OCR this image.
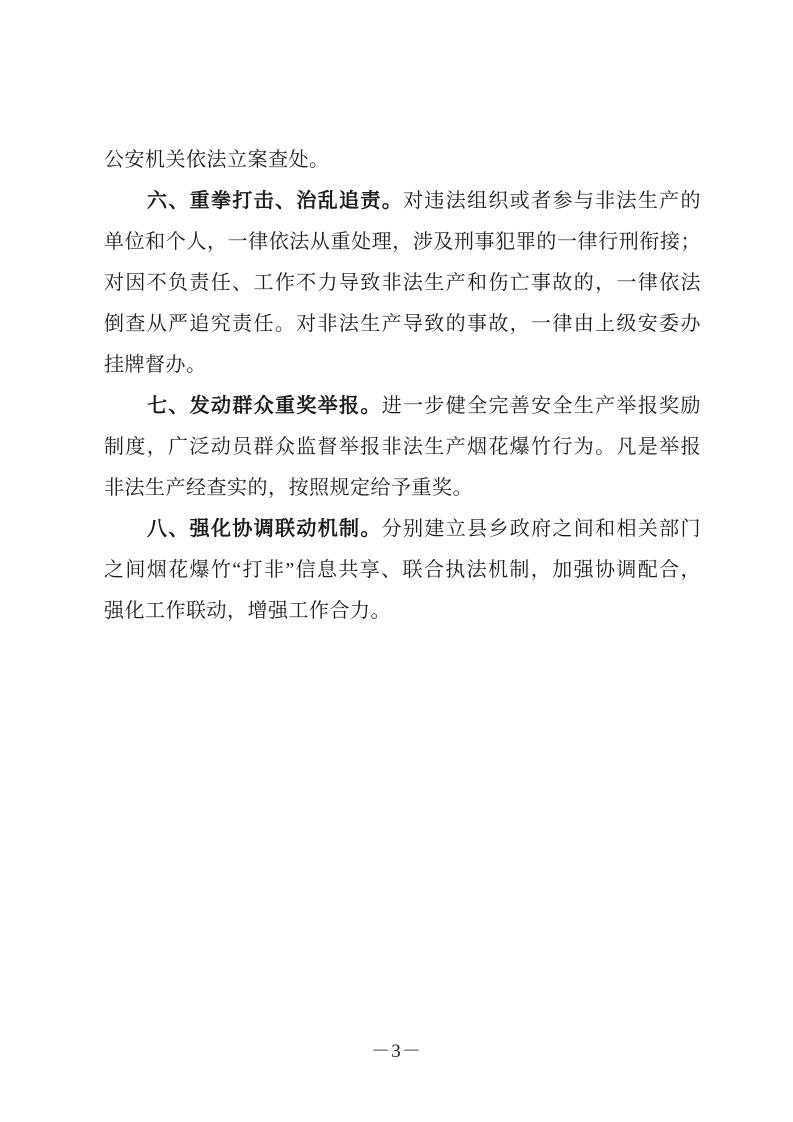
公安机关依法立案查处。
六、重拳打击、治乱追责。对违法组织或者参与非法生产的
单位和个人，一律依法从重处理，涉及刑事犯罪的一律行刑衔接；
对因不负责任、工作不力导致非法生产和伤亡事故的，一律依法
倒查从严追究责任。对非法生产导致的事故，一律由上级安委办
挂牌督办。
七、发动群众重奖举报。进一步健全完善安全生产举报奖励
制度，广泛动员群众监督举报非法生产烟花爆竹行为。凡是举报
非法生产经查实的，按照规定给予重奖。
八、强化协调联动机制。分别建立县乡政府之间和相关部门
之间烟花爆竹“打非”信息共享、联合执法机制，加强协调配合，
强化工作联动，增强工作合力。
－3－
